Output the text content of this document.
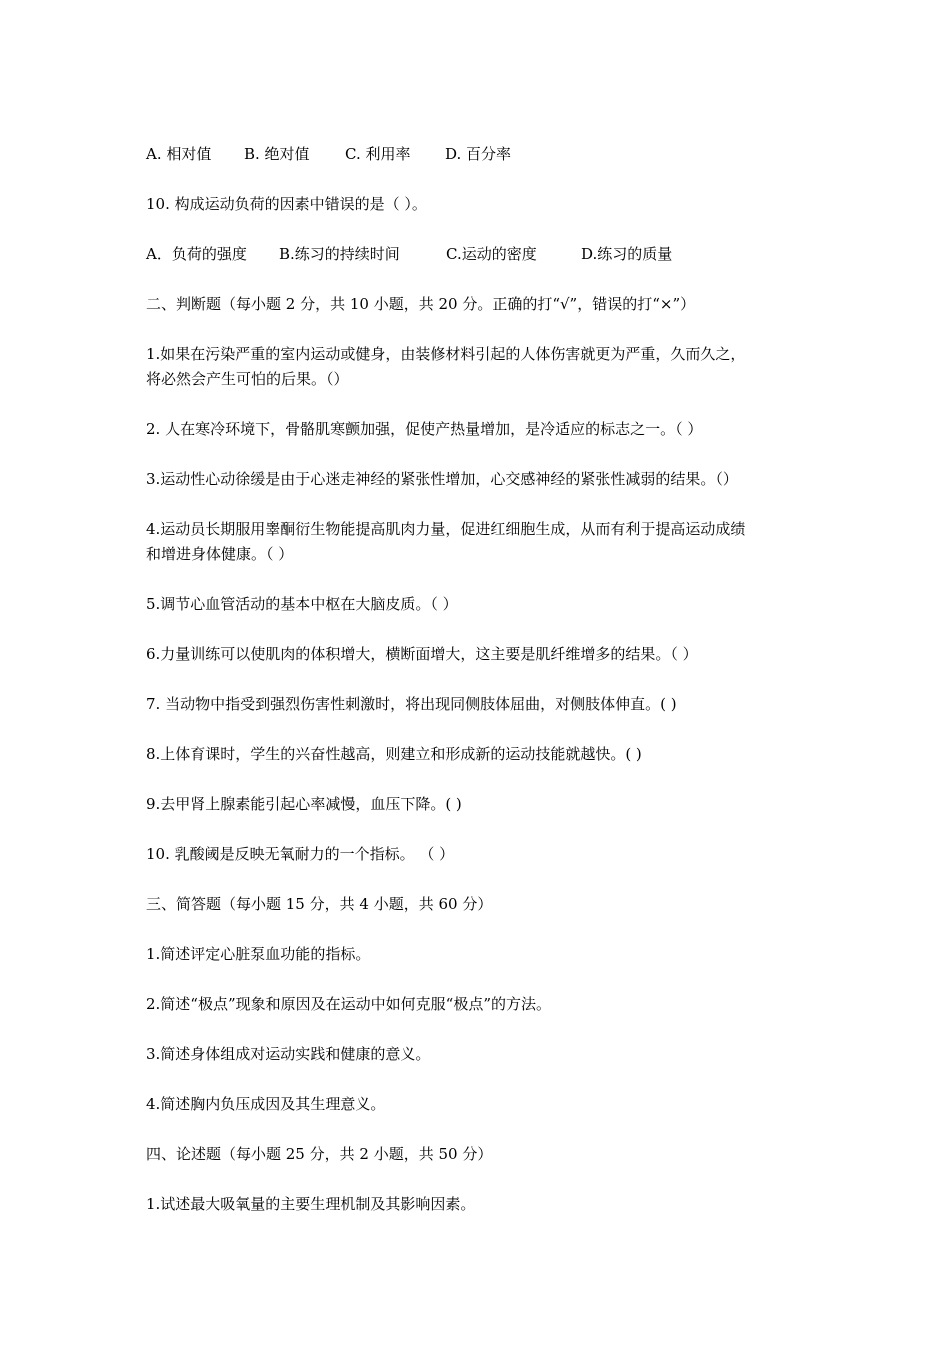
A. 相对值 B. 绝对值 C. 利用率 D. 百分率
10. 构成运动负荷的因素中错误的是（ ）。
A．负荷的强度 B.练习的持续时间	C.运动的密度	D.练习的质量
二、判断题（每小题 2 分，共 10 小题，共 20 分。正确的打“√”，错误的打“×”）
1.如果在污染严重的室内运动或健身，由装修材料引起的人体伤害就更为严重，久而久之，
将必然会产生可怕的后果。（）
2. 人在寒冷环境下，骨骼肌寒颤加强，促使产热量增加，是冷适应的标志之一。（ ）
3.运动性心动徐缓是由于心迷走神经的紧张性增加，心交感神经的紧张性减弱的结果。（）
4.运动员长期服用睾酮衍生物能提高肌肉力量，促进红细胞生成，从而有利于提高运动成绩
和增进身体健康。（ ）
5.调节心血管活动的基本中枢在大脑皮质。（ ）
6.力量训练可以使肌肉的体积增大，横断面增大，这主要是肌纤维增多的结果。（ ）
7. 当动物中指受到强烈伤害性刺激时，将出现同侧肢体屈曲，对侧肢体伸直。( )
8.上体育课时，学生的兴奋性越高，则建立和形成新的运动技能就越快。( )
9.去甲肾上腺素能引起心率减慢，血压下降。( )
10. 乳酸阈是反映无氧耐力的一个指标。 （ ）
三、简答题（每小题 15 分，共 4 小题，共 60 分）
1.简述评定心脏泵血功能的指标。
2.简述“极点”现象和原因及在运动中如何克服“极点”的方法。
3.简述身体组成对运动实践和健康的意义。
4.简述胸内负压成因及其生理意义。
四、论述题（每小题 25 分，共 2 小题，共 50 分）
1.试述最大吸氧量的主要生理机制及其影响因素。
